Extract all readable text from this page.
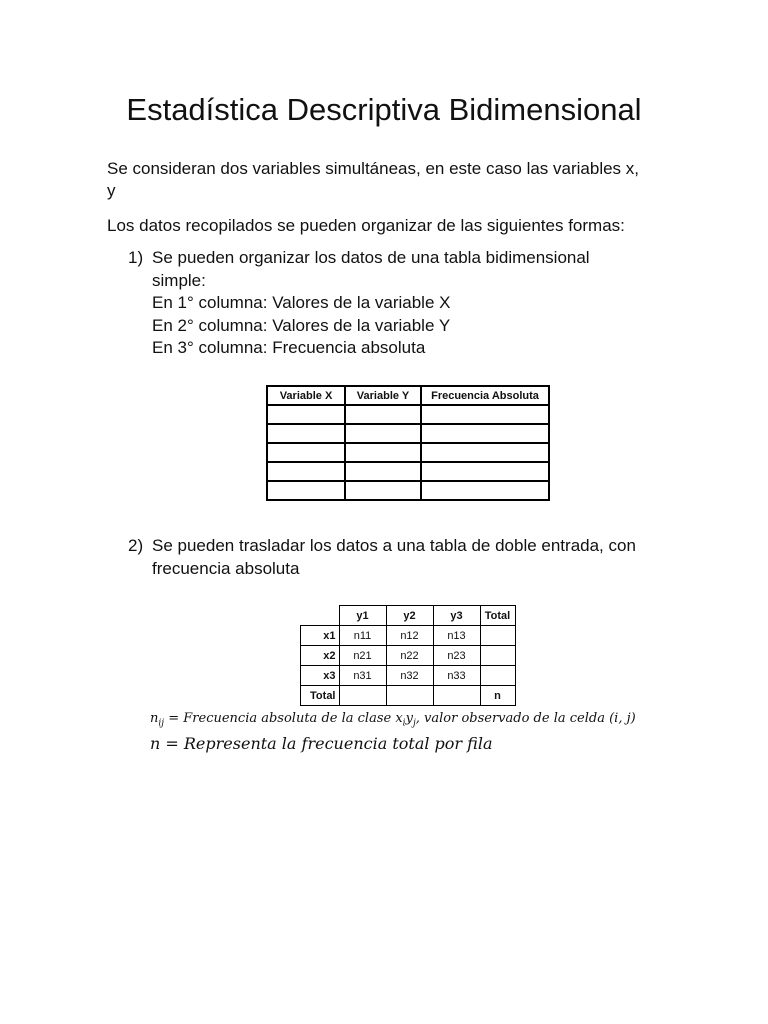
Estadística Descriptiva Bidimensional

Se consideran dos variables simultáneas, en este caso las variables x,
y

Los datos recopilados se pueden organizar de las siguientes formas:

1) Se pueden organizar los datos de una tabla bidimensional
simple:
En 1° columna: Valores de la variable X
En 2° columna: Valores de la variable Y
En 3° columna: Frecuencia absoluta
Variable X	Variable Y	Frecuencia Absoluta

2) Se pueden trasladar los datos a una tabla de doble entrada, con
frecuencia absoluta
	y1	y2	y3	Total
x1	n11	n12	n13	
x2	n21	n22	n23	
x3	n31	n32	n33	
Total				n

$n_{ij}$ = Frecuencia absoluta de la clase $x_iy_j$, valor observado de la celda (i, j)

n = Representa la frecuencia total por fila
